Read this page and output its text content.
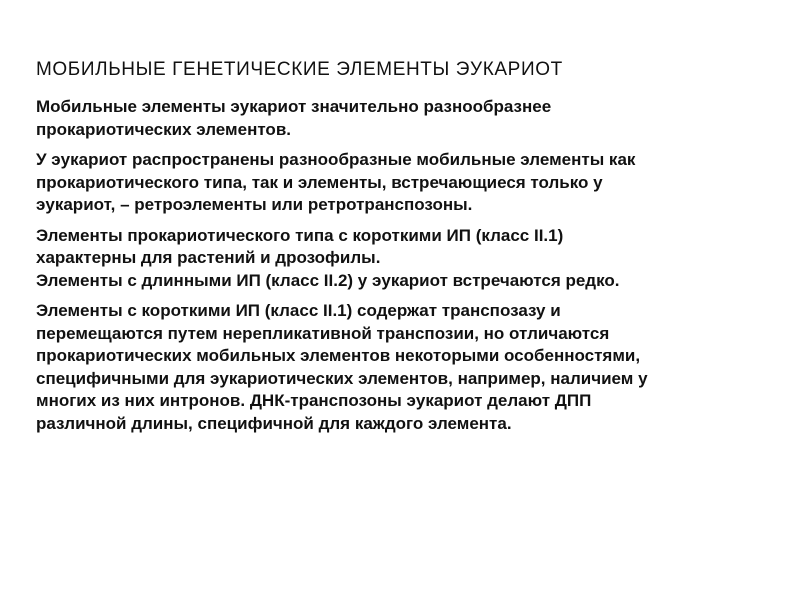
МОБИЛЬНЫЕ ГЕНЕТИЧЕСКИЕ ЭЛЕМЕНТЫ ЭУКАРИОТ
Мобильные элементы эукариот значительно разнообразнее
прокариотических элементов.
У эукариот распространены разнообразные мобильные элементы как
прокариотического типа, так и элементы, встречающиеся только у
эукариот, – ретроэлементы или ретротранспозоны.
Элементы прокариотического типа с короткими ИП (класс II.1)
характерны для растений и дрозофилы.
Элементы с длинными ИП (класс II.2) у эукариот встречаются редко.
Элементы с короткими ИП (класс II.1) содержат транспозазу и
перемещаются путем нерепликативной транспозии, но отличаются
прокариотических мобильных элементов некоторыми особенностями,
специфичными для эукариотических элементов, например, наличием у
многих из них интронов. ДНК-транспозоны эукариот делают ДПП
различной длины, специфичной для каждого элемента.
